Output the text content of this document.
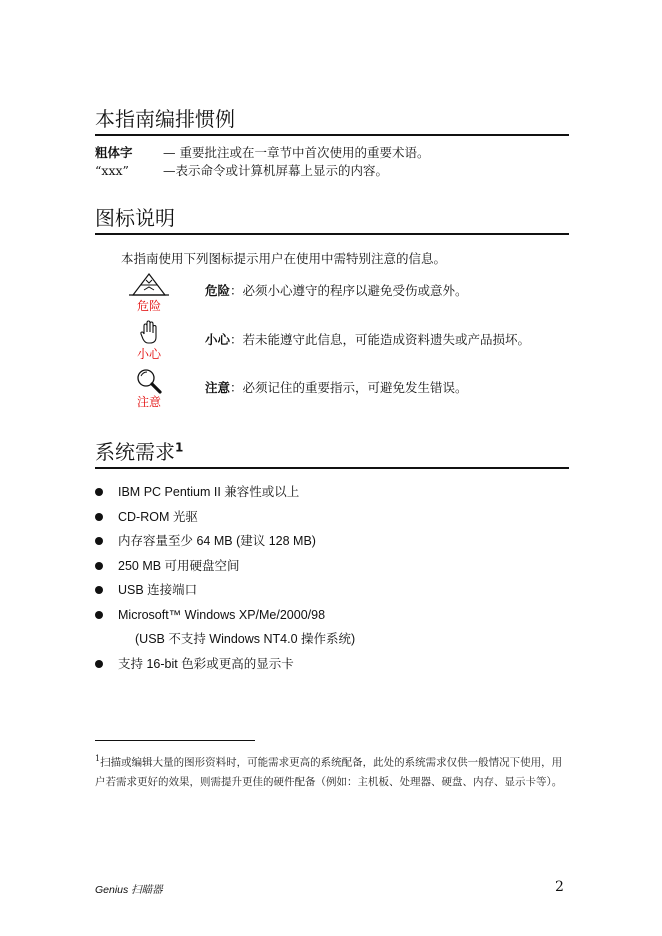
本指南编排惯例
粗体字 — 重要批注或在一章节中首次使用的重要术语。
“xxx”	—表示命令或计算机屏幕上显示的内容。
图标说明
本指南使用下列图标提示用户在使用中需特别注意的信息。
危险
危险：必须小心遵守的程序以避免受伤或意外。
小心
小心：若未能遵守此信息，可能造成资料遗失或产品损坏。
注意
注意：必须记住的重要指示，可避免发生错误。
系统需求$^1$
IBM PC Pentium II 兼容性或以上
CD-ROM 光驱
内存容量至少 64 MB (建议 128 MB)
250 MB 可用硬盘空间
USB 连接端口
Microsoft™ Windows XP/Me/2000/98
支持 16-bit 色彩或更高的显示卡
(USB 不支持 Windows NT4.0 操作系统)
$^1$扫描或编辑大量的图形资料时，可能需求更高的系统配备，此处的系统需求仅供一般情况下使用，用户若需求更好的效果，则需提升更佳的硬件配备（例如：主机板、处理器、硬盘、内存、显示卡等）。
Genius 扫瞄器	2
